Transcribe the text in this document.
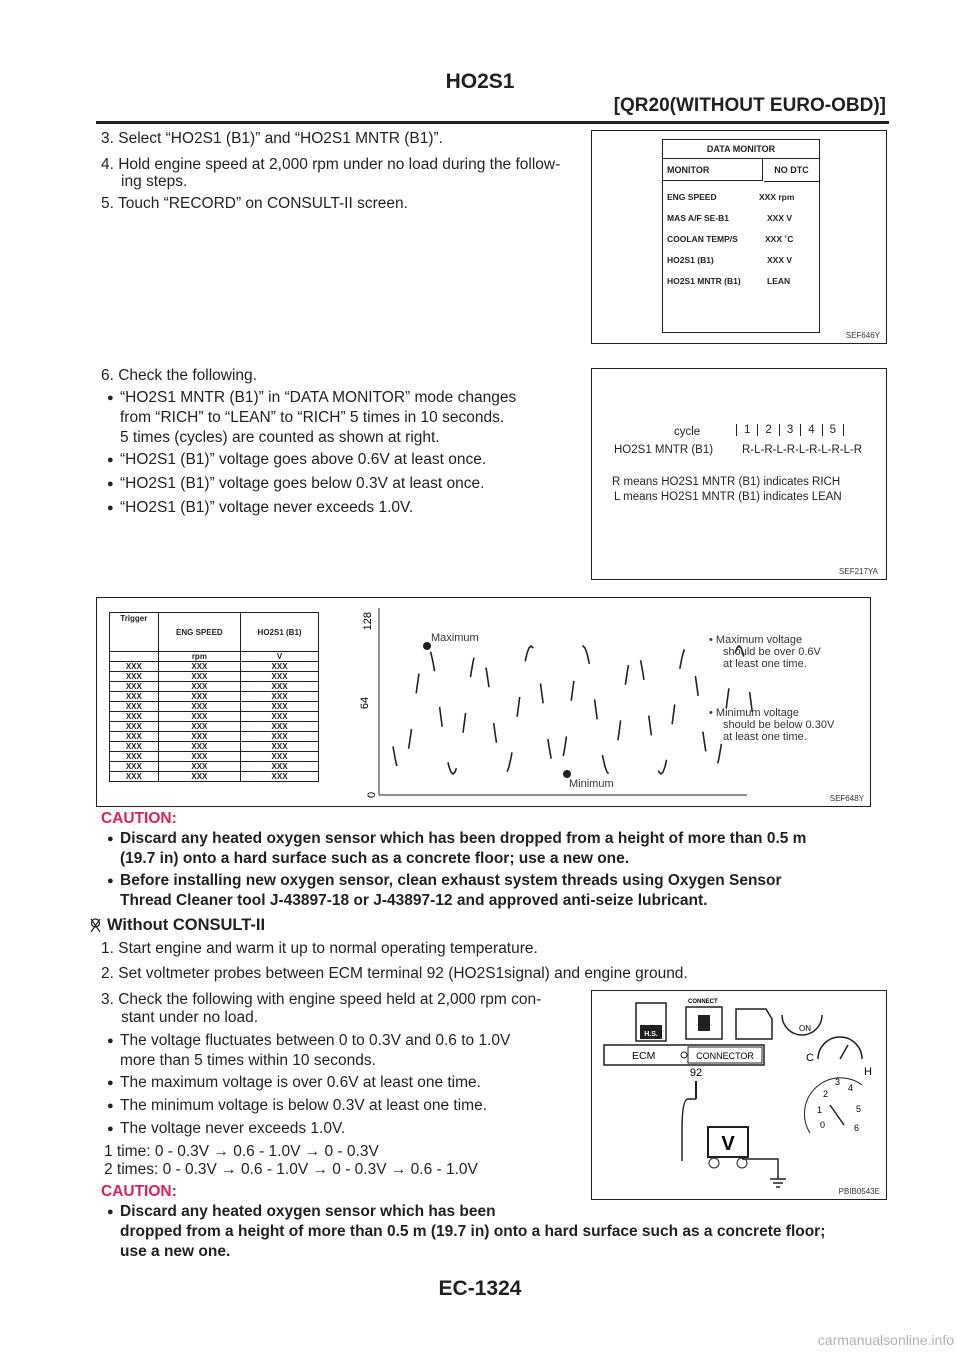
HO2S1
[QR20(WITHOUT EURO-OBD)]
3. Select “HO2S1 (B1)” and “HO2S1 MNTR (B1)”.
4. Hold engine speed at 2,000 rpm under no load during the follow-
ing steps.
5. Touch “RECORD” on CONSULT-II screen.
DATA MONITOR
MONITOR	NO DTC
ENG SPEED	XXX rpm
MAS A/F SE-B1	XXX V
COOLAN TEMP/S	XXX ˚C
HO2S1 (B1)	XXX V
HO2S1 MNTR (B1)	LEAN
SEF646Y
6. Check the following.
● “HO2S1 MNTR (B1)” in “DATA MONITOR” mode changes
from “RICH” to “LEAN” to “RICH” 5 times in 10 seconds.
5 times (cycles) are counted as shown at right.
● “HO2S1 (B1)” voltage goes above 0.6V at least once.
● “HO2S1 (B1)” voltage goes below 0.3V at least once.
● “HO2S1 (B1)” voltage never exceeds 1.0V.
cycle	1	2	3	4	5
HO2S1 MNTR (B1)	R-L-R-L-R-L-R-L-R-L-R
R means HO2S1 MNTR (B1) indicates RICH
L means HO2S1 MNTR (B1) indicates LEAN
SEF217YA
Trigger	ENG SPEED	HO2S1 (B1)
	rpm	V
XXX	XXX	XXX
XXX	XXX	XXX
XXX	XXX	XXX
XXX	XXX	XXX
XXX	XXX	XXX
XXX	XXX	XXX
XXX	XXX	XXX
XXX	XXX	XXX
XXX	XXX	XXX
XXX	XXX	XXX
XXX	XXX	XXX
XXX	XXX	XXX
128
64
0
Maximum
Minimum
• Maximum voltage
should be over 0.6V
at least one time.
• Minimum voltage
should be below 0.30V
at least one time.
SEF648Y
CAUTION:
● Discard any heated oxygen sensor which has been dropped from a height of more than 0.5 m
(19.7 in) onto a hard surface such as a concrete floor; use a new one.
● Before installing new oxygen sensor, clean exhaust system threads using Oxygen Sensor
Thread Cleaner tool J-43897-18 or J-43897-12 and approved anti-seize lubricant.
Without CONSULT-II
1. Start engine and warm it up to normal operating temperature.
2. Set voltmeter probes between ECM terminal 92 (HO2S1signal) and engine ground.
3. Check the following with engine speed held at 2,000 rpm con-
stant under no load.
● The voltage fluctuates between 0 to 0.3V and 0.6 to 1.0V
more than 5 times within 10 seconds.
● The maximum voltage is over 0.6V at least one time.
● The minimum voltage is below 0.3V at least one time.
● The voltage never exceeds 1.0V.
1 time: 0 - 0.3V → 0.6 - 1.0V → 0 - 0.3V
2 times: 0 - 0.3V → 0.6 - 1.0V → 0 - 0.3V → 0.6 - 1.0V
H.S.
CONNECT
ON
ECM	CONNECTOR
92
V
C
H
0
1
2
3
4
5
6
PBIB0543E
CAUTION:
● Discard any heated oxygen sensor which has been
dropped from a height of more than 0.5 m (19.7 in) onto a hard surface such as a concrete floor;
use a new one.
EC-1324
carmanualsonline.info
